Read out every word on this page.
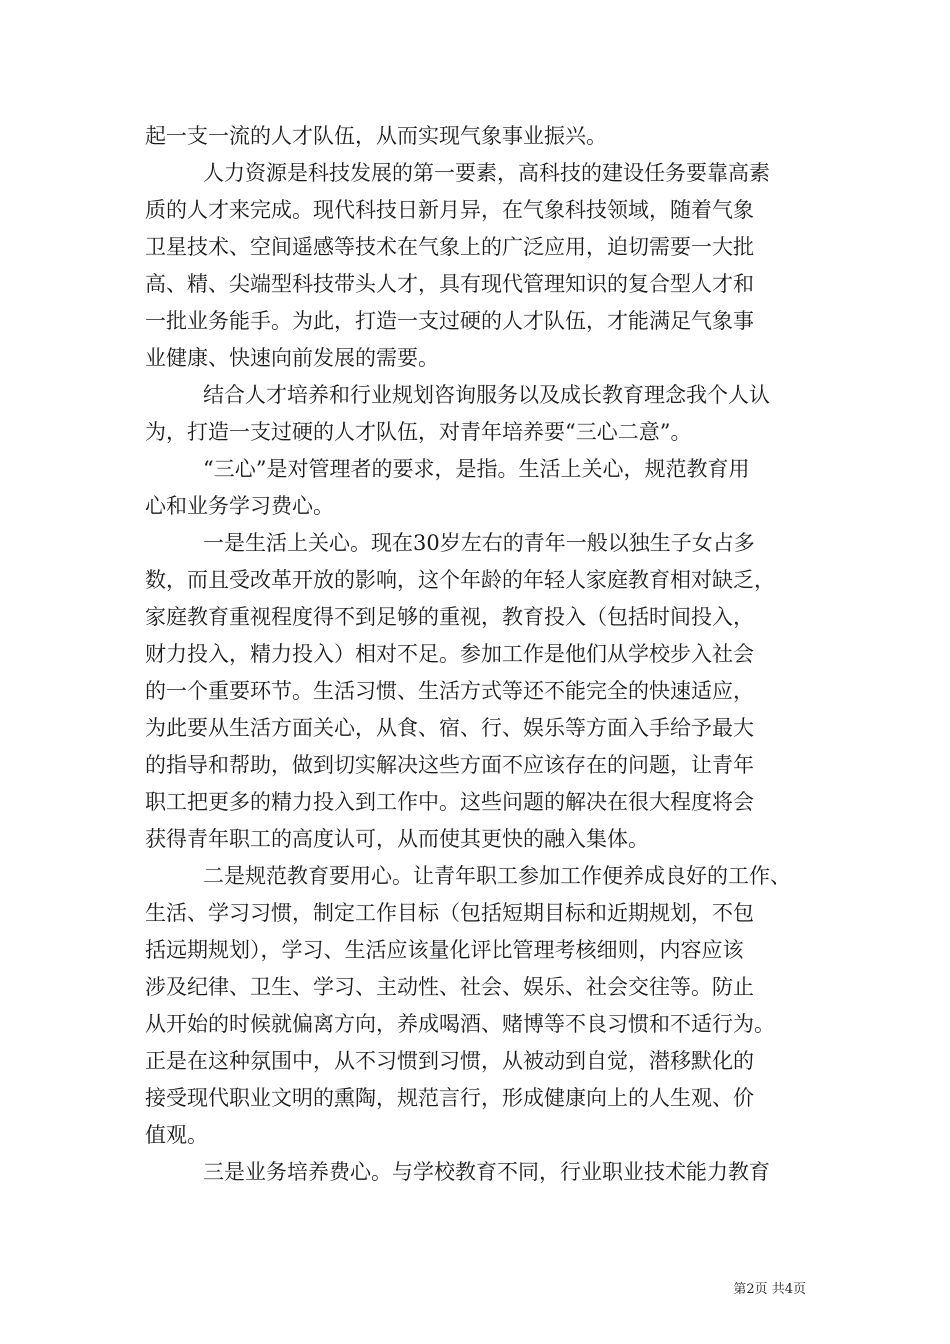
起一支一流的人才队伍，从而实现气象事业振兴。
人力资源是科技发展的第一要素，高科技的建设任务要靠高素
质的人才来完成。现代科技日新月异，在气象科技领域，随着气象
卫星技术、空间遥感等技术在气象上的广泛应用，迫切需要一大批
高、精、尖端型科技带头人才，具有现代管理知识的复合型人才和
一批业务能手。为此，打造一支过硬的人才队伍，才能满足气象事
业健康、快速向前发展的需要。
结合人才培养和行业规划咨询服务以及成长教育理念我个人认
为，打造一支过硬的人才队伍，对青年培养要“三心二意”。
“三心”是对管理者的要求，是指。生活上关心，规范教育用
心和业务学习费心。
一是生活上关心。现在30岁左右的青年一般以独生子女占多
数，而且受改革开放的影响，这个年龄的年轻人家庭教育相对缺乏，
家庭教育重视程度得不到足够的重视，教育投入（包括时间投入，
财力投入，精力投入）相对不足。参加工作是他们从学校步入社会
的一个重要环节。生活习惯、生活方式等还不能完全的快速适应，
为此要从生活方面关心，从食、宿、行、娱乐等方面入手给予最大
的指导和帮助，做到切实解决这些方面不应该存在的问题，让青年
职工把更多的精力投入到工作中。这些问题的解决在很大程度将会
获得青年职工的高度认可，从而使其更快的融入集体。
二是规范教育要用心。让青年职工参加工作便养成良好的工作、
生活、学习习惯，制定工作目标（包括短期目标和近期规划，不包
括远期规划），学习、生活应该量化评比管理考核细则，内容应该
涉及纪律、卫生、学习、主动性、社会、娱乐、社会交往等。防止
从开始的时候就偏离方向，养成喝酒、赌博等不良习惯和不适行为。
正是在这种氛围中，从不习惯到习惯，从被动到自觉，潜移默化的
接受现代职业文明的熏陶，规范言行，形成健康向上的人生观、价
值观。
三是业务培养费心。与学校教育不同，行业职业技术能力教育
第2页 共4页
